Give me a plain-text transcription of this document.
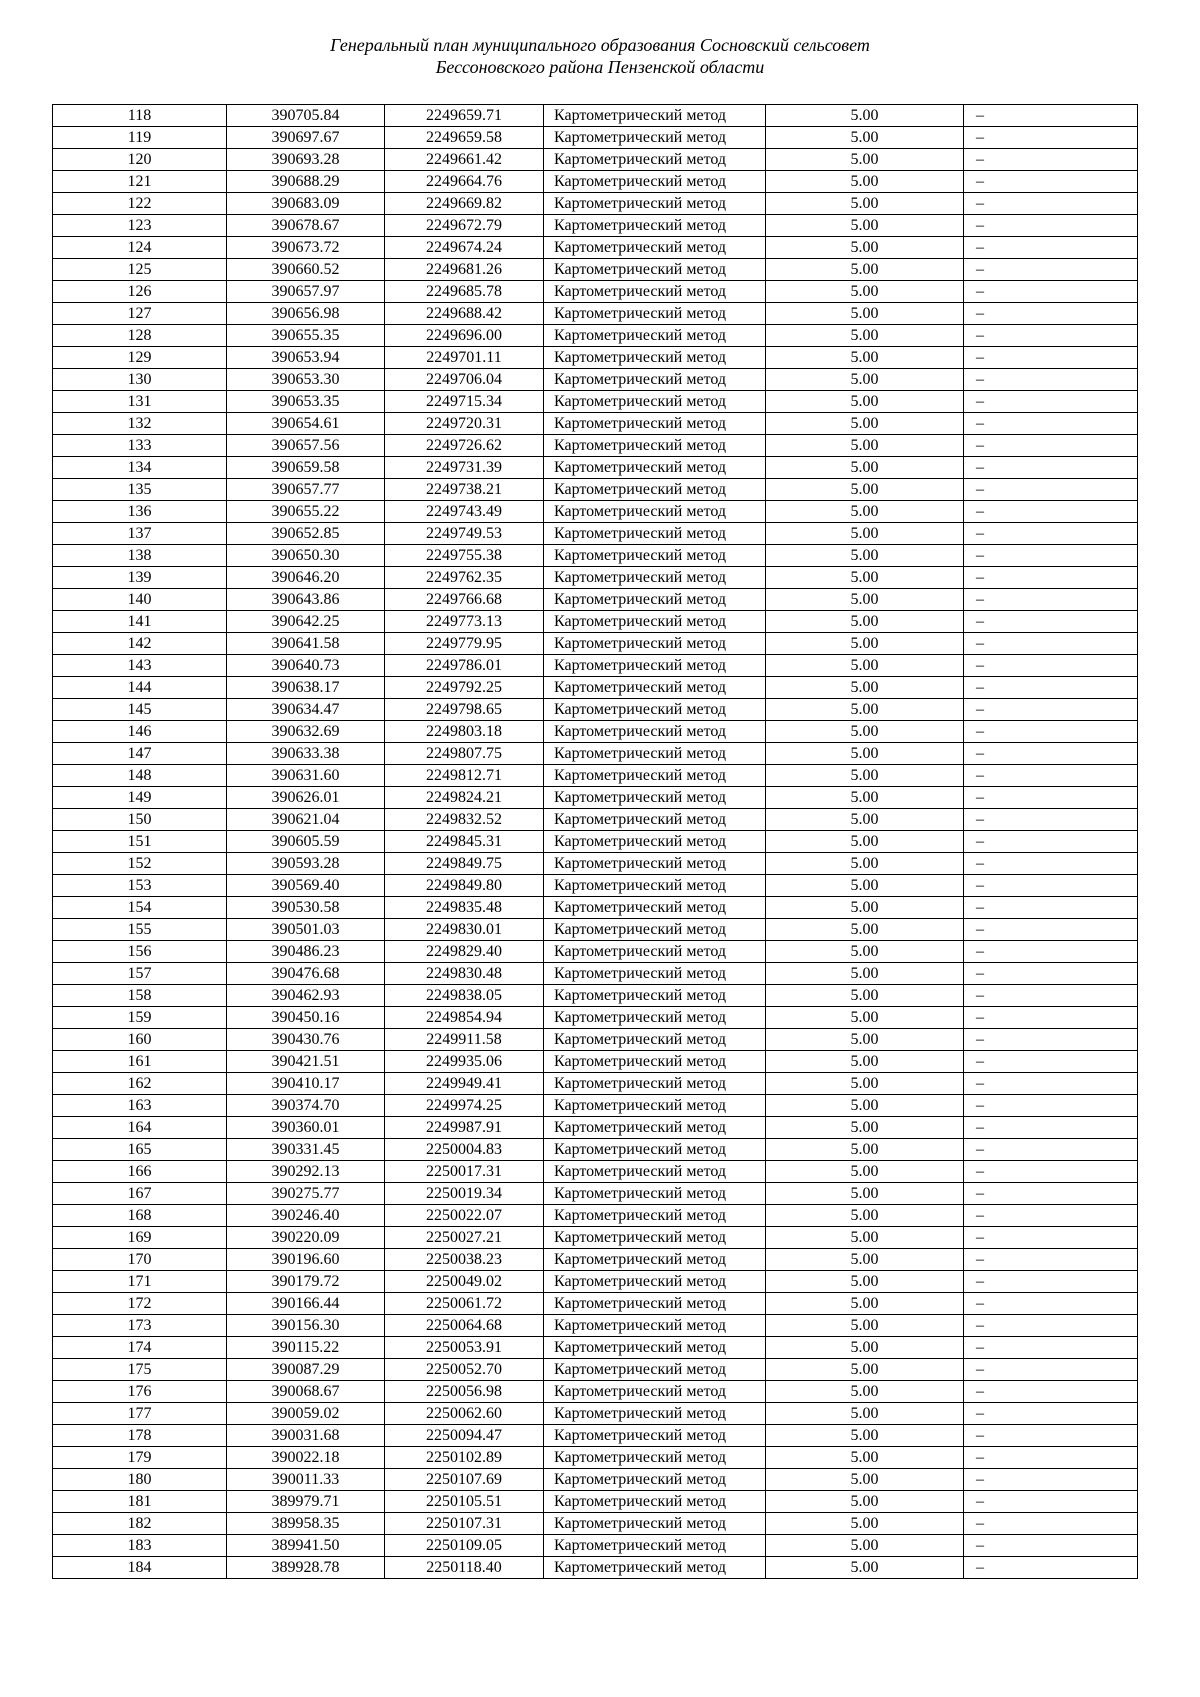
Генеральный план муниципального образования Сосновский сельсовет
Бессоновского района Пензенской области
118	390705.84	2249659.71	Картометрический метод	5.00	–
119	390697.67	2249659.58	Картометрический метод	5.00	–
120	390693.28	2249661.42	Картометрический метод	5.00	–
121	390688.29	2249664.76	Картометрический метод	5.00	–
122	390683.09	2249669.82	Картометрический метод	5.00	–
123	390678.67	2249672.79	Картометрический метод	5.00	–
124	390673.72	2249674.24	Картометрический метод	5.00	–
125	390660.52	2249681.26	Картометрический метод	5.00	–
126	390657.97	2249685.78	Картометрический метод	5.00	–
127	390656.98	2249688.42	Картометрический метод	5.00	–
128	390655.35	2249696.00	Картометрический метод	5.00	–
129	390653.94	2249701.11	Картометрический метод	5.00	–
130	390653.30	2249706.04	Картометрический метод	5.00	–
131	390653.35	2249715.34	Картометрический метод	5.00	–
132	390654.61	2249720.31	Картометрический метод	5.00	–
133	390657.56	2249726.62	Картометрический метод	5.00	–
134	390659.58	2249731.39	Картометрический метод	5.00	–
135	390657.77	2249738.21	Картометрический метод	5.00	–
136	390655.22	2249743.49	Картометрический метод	5.00	–
137	390652.85	2249749.53	Картометрический метод	5.00	–
138	390650.30	2249755.38	Картометрический метод	5.00	–
139	390646.20	2249762.35	Картометрический метод	5.00	–
140	390643.86	2249766.68	Картометрический метод	5.00	–
141	390642.25	2249773.13	Картометрический метод	5.00	–
142	390641.58	2249779.95	Картометрический метод	5.00	–
143	390640.73	2249786.01	Картометрический метод	5.00	–
144	390638.17	2249792.25	Картометрический метод	5.00	–
145	390634.47	2249798.65	Картометрический метод	5.00	–
146	390632.69	2249803.18	Картометрический метод	5.00	–
147	390633.38	2249807.75	Картометрический метод	5.00	–
148	390631.60	2249812.71	Картометрический метод	5.00	–
149	390626.01	2249824.21	Картометрический метод	5.00	–
150	390621.04	2249832.52	Картометрический метод	5.00	–
151	390605.59	2249845.31	Картометрический метод	5.00	–
152	390593.28	2249849.75	Картометрический метод	5.00	–
153	390569.40	2249849.80	Картометрический метод	5.00	–
154	390530.58	2249835.48	Картометрический метод	5.00	–
155	390501.03	2249830.01	Картометрический метод	5.00	–
156	390486.23	2249829.40	Картометрический метод	5.00	–
157	390476.68	2249830.48	Картометрический метод	5.00	–
158	390462.93	2249838.05	Картометрический метод	5.00	–
159	390450.16	2249854.94	Картометрический метод	5.00	–
160	390430.76	2249911.58	Картометрический метод	5.00	–
161	390421.51	2249935.06	Картометрический метод	5.00	–
162	390410.17	2249949.41	Картометрический метод	5.00	–
163	390374.70	2249974.25	Картометрический метод	5.00	–
164	390360.01	2249987.91	Картометрический метод	5.00	–
165	390331.45	2250004.83	Картометрический метод	5.00	–
166	390292.13	2250017.31	Картометрический метод	5.00	–
167	390275.77	2250019.34	Картометрический метод	5.00	–
168	390246.40	2250022.07	Картометрический метод	5.00	–
169	390220.09	2250027.21	Картометрический метод	5.00	–
170	390196.60	2250038.23	Картометрический метод	5.00	–
171	390179.72	2250049.02	Картометрический метод	5.00	–
172	390166.44	2250061.72	Картометрический метод	5.00	–
173	390156.30	2250064.68	Картометрический метод	5.00	–
174	390115.22	2250053.91	Картометрический метод	5.00	–
175	390087.29	2250052.70	Картометрический метод	5.00	–
176	390068.67	2250056.98	Картометрический метод	5.00	–
177	390059.02	2250062.60	Картометрический метод	5.00	–
178	390031.68	2250094.47	Картометрический метод	5.00	–
179	390022.18	2250102.89	Картометрический метод	5.00	–
180	390011.33	2250107.69	Картометрический метод	5.00	–
181	389979.71	2250105.51	Картометрический метод	5.00	–
182	389958.35	2250107.31	Картометрический метод	5.00	–
183	389941.50	2250109.05	Картометрический метод	5.00	–
184	389928.78	2250118.40	Картометрический метод	5.00	–
